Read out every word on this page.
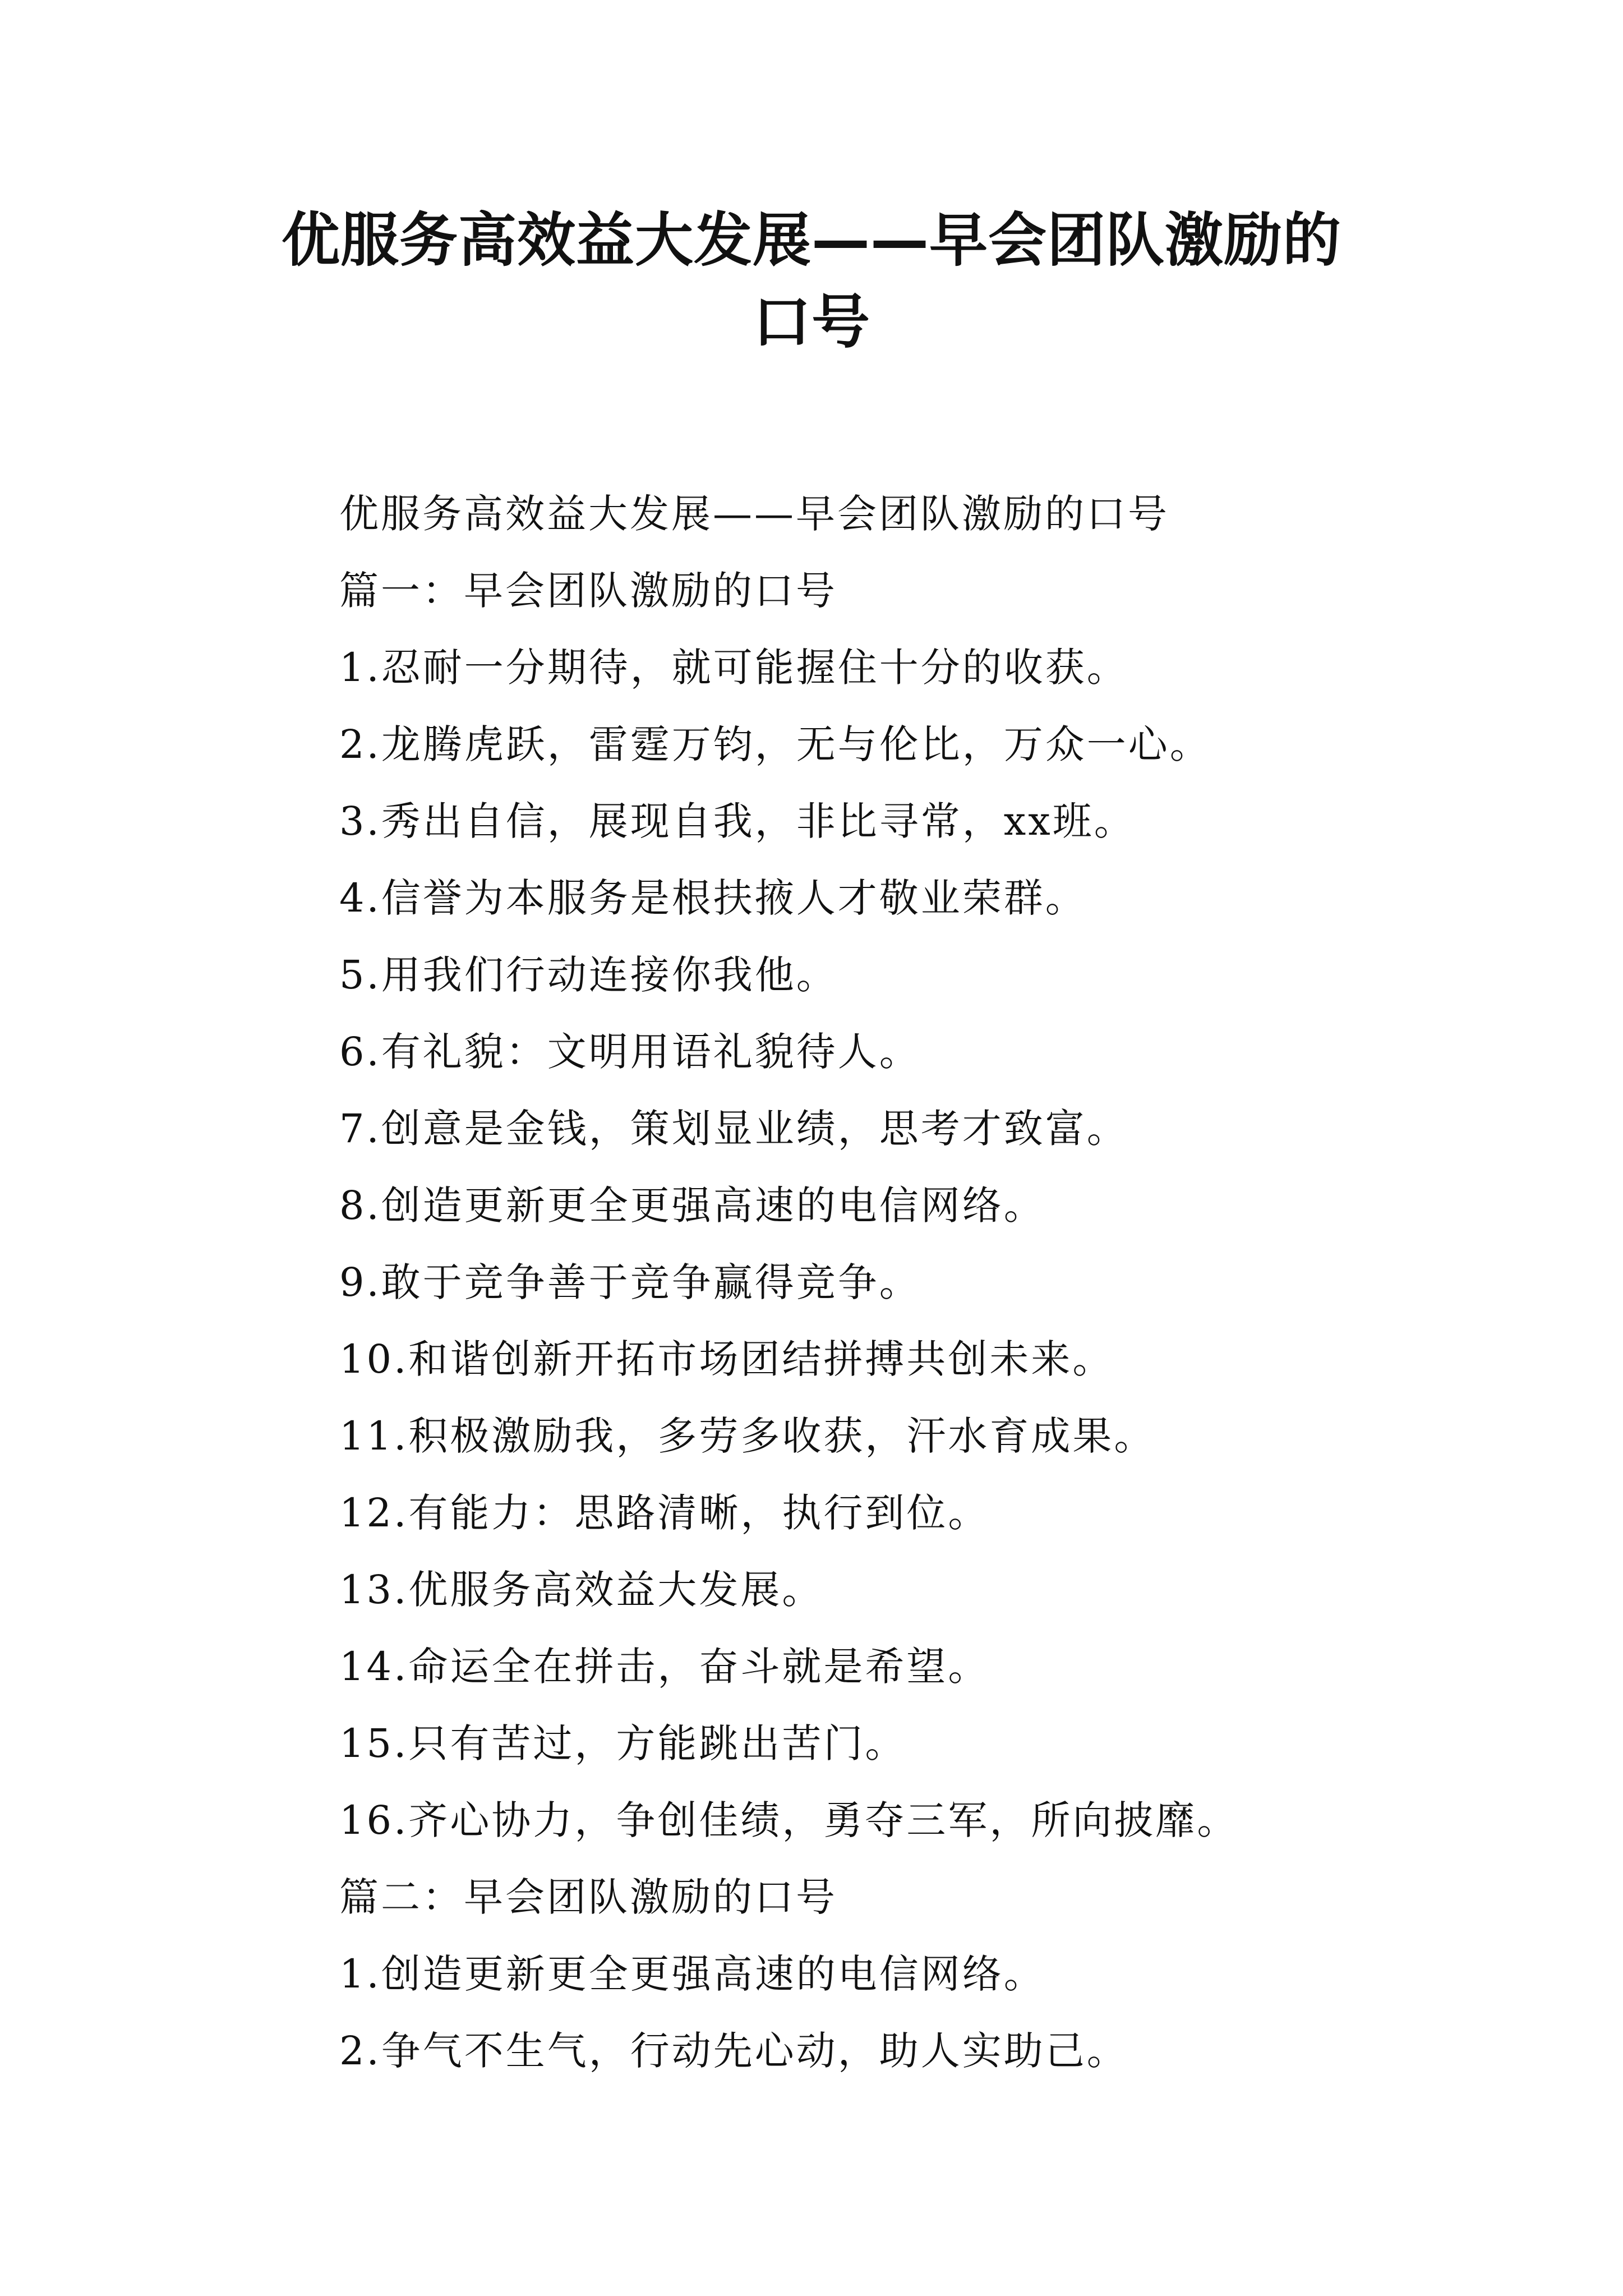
优服务高效益大发展——早会团队激励的
口号
优服务高效益大发展——早会团队激励的口号
篇一：早会团队激励的口号
1.忍耐一分期待，就可能握住十分的收获。
2.龙腾虎跃，雷霆万钧，无与伦比，万众一心。
3.秀出自信，展现自我，非比寻常，xx班。
4.信誉为本服务是根扶掖人才敬业荣群。
5.用我们行动连接你我他。
6.有礼貌：文明用语礼貌待人。
7.创意是金钱，策划显业绩，思考才致富。
8.创造更新更全更强高速的电信网络。
9.敢于竞争善于竞争赢得竞争。
10.和谐创新开拓市场团结拼搏共创未来。
11.积极激励我，多劳多收获，汗水育成果。
12.有能力：思路清晰，执行到位。
13.优服务高效益大发展。
14.命运全在拼击，奋斗就是希望。
15.只有苦过，方能跳出苦门。
16.齐心协力，争创佳绩，勇夺三军，所向披靡。
篇二：早会团队激励的口号
1.创造更新更全更强高速的电信网络。
2.争气不生气，行动先心动，助人实助己。
